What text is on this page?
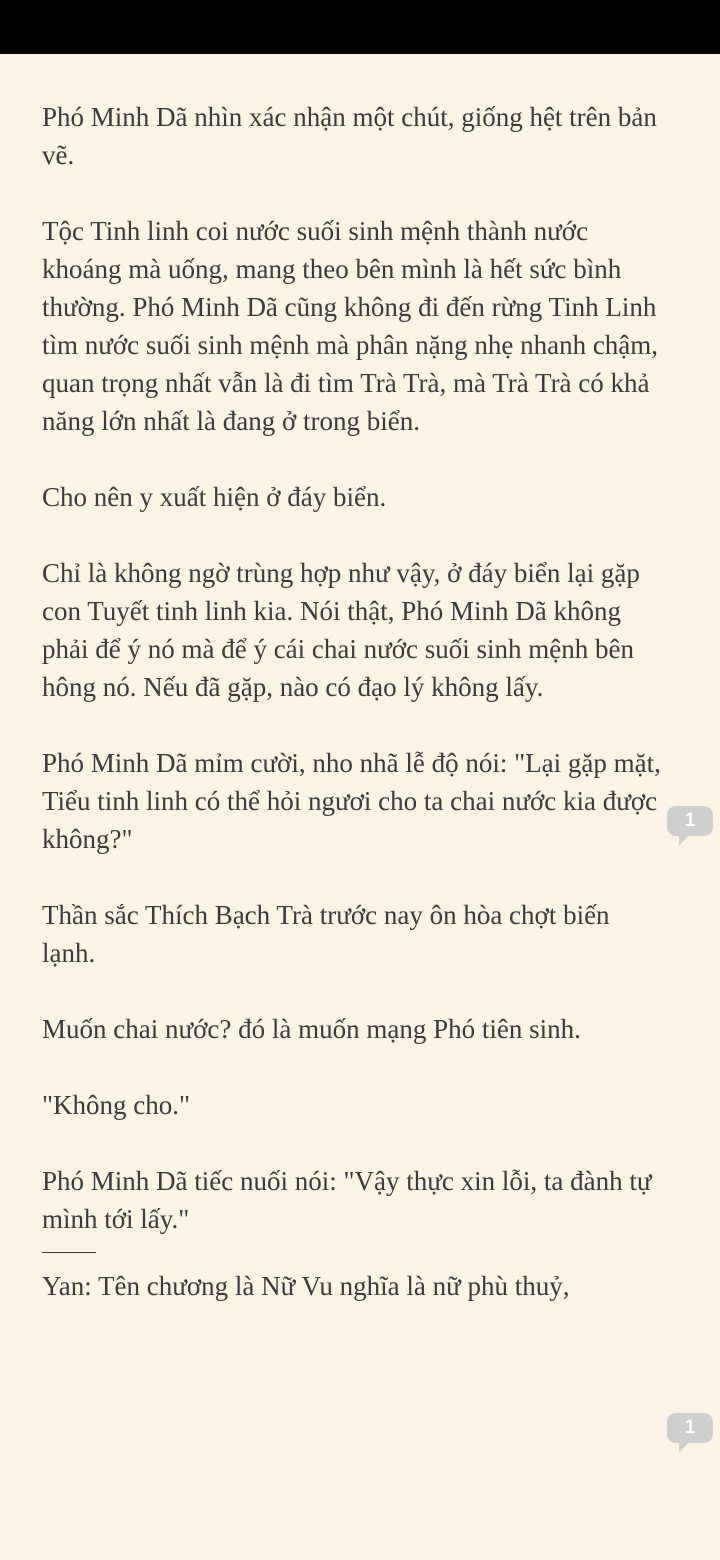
Phó Minh Dã nhìn xác nhận một chút, giống hệt trên bản vẽ.

Tộc Tinh linh coi nước suối sinh mệnh thành nước khoáng mà uống, mang theo bên mình là hết sức bình thường. Phó Minh Dã cũng không đi đến rừng Tinh Linh tìm nước suối sinh mệnh mà phân nặng nhẹ nhanh chậm, quan trọng nhất vẫn là đi tìm Trà Trà, mà Trà Trà có khả năng lớn nhất là đang ở trong biển.

Cho nên y xuất hiện ở đáy biển.

Chỉ là không ngờ trùng hợp như vậy, ở đáy biển lại gặp con Tuyết tinh linh kia. Nói thật, Phó Minh Dã không phải để ý nó mà để ý cái chai nước suối sinh mệnh bên hông nó. Nếu đã gặp, nào có đạo lý không lấy.

Phó Minh Dã mỉm cười, nho nhã lễ độ nói: "Lại gặp mặt, Tiểu tinh linh có thể hỏi ngươi cho ta chai nước kia được không?"

Thần sắc Thích Bạch Trà trước nay ôn hòa chợt biến lạnh.

Muốn chai nước? đó là muốn mạng Phó tiên sinh.

"Không cho."

Phó Minh Dã tiếc nuối nói: "Vậy thực xin lỗi, ta đành tự mình tới lấy."

Yan: Tên chương là Nữ Vu nghĩa là nữ phù thuỷ,

1
1
